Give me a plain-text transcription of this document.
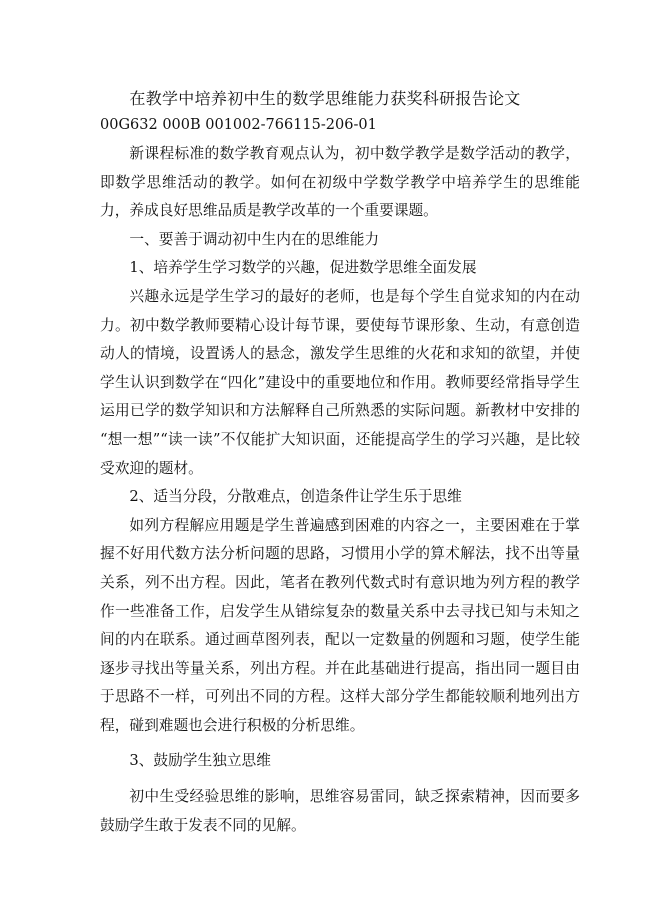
在教学中培养初中生的数学思维能力获奖科研报告论文
00G632 000B 001002-766115-206-01

新课程标准的数学教育观点认为，初中数学教学是数学活动的教学，即数学思维活动的教学。如何在初级中学数学教学中培养学生的思维能力，养成良好思维品质是教学改革的一个重要课题。

一、要善于调动初中生内在的思维能力

1、培养学生学习数学的兴趣，促进数学思维全面发展

兴趣永远是学生学习的最好的老师，也是每个学生自觉求知的内在动力。初中数学教师要精心设计每节课，要使每节课形象、生动，有意创造动人的情境，设置诱人的悬念，激发学生思维的火花和求知的欲望，并使学生认识到数学在“四化”建设中的重要地位和作用。教师要经常指导学生运用已学的数学知识和方法解释自己所熟悉的实际问题。新教材中安排的 “想一想”“读一读”不仅能扩大知识面，还能提高学生的学习兴趣，是比较受欢迎的题材。

2、适当分段，分散难点，创造条件让学生乐于思维

如列方程解应用题是学生普遍感到困难的内容之一，主要困难在于掌握不好用代数方法分析问题的思路，习惯用小学的算术解法，找不出等量关系，列不出方程。因此，笔者在教列代数式时有意识地为列方程的教学作一些准备工作，启发学生从错综复杂的数量关系中去寻找已知与未知之间的内在联系。通过画草图列表，配以一定数量的例题和习题，使学生能逐步寻找出等量关系，列出方程。并在此基础进行提高，指出同一题目由于思路不一样，可列出不同的方程。这样大部分学生都能较顺利地列出方程，碰到难题也会进行积极的分析思维。

3、鼓励学生独立思维

初中生受经验思维的影响，思维容易雷同，缺乏探索精神，因而要多鼓励学生敢于发表不同的见解。
